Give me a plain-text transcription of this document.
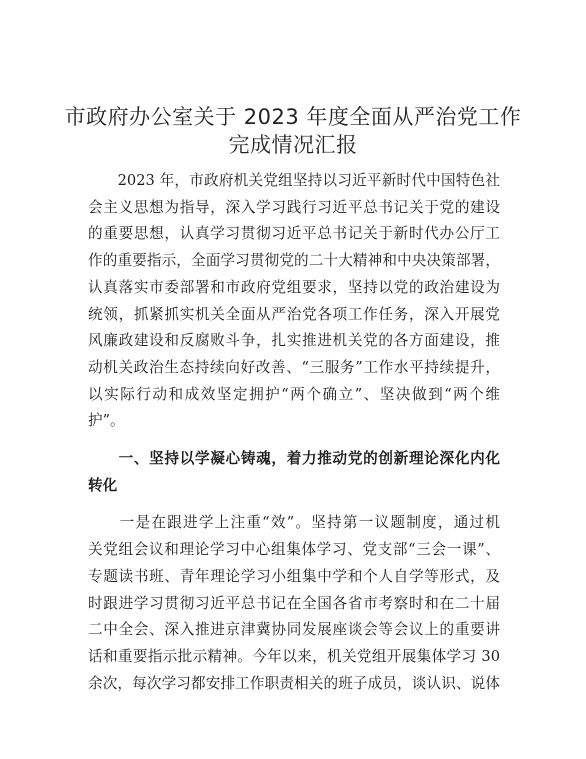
市政府办公室关于 2023 年度全面从严治党工作
完成情况汇报
　　2023 年，市政府机关党组坚持以习近平新时代中国特色社
会主义思想为指导，深入学习践行习近平总书记关于党的建设
的重要思想，认真学习贯彻习近平总书记关于新时代办公厅工
作的重要指示，全面学习贯彻党的二十大精神和中央决策部署，
认真落实市委部署和市政府党组要求，坚持以党的政治建设为
统领，抓紧抓实机关全面从严治党各项工作任务，深入开展党
风廉政建设和反腐败斗争，扎实推进机关党的各方面建设，推
动机关政治生态持续向好改善、“三服务”工作水平持续提升，
以实际行动和成效坚定拥护“两个确立”、坚决做到“两个维
护”。
　　一、坚持以学凝心铸魂，着力推动党的创新理论深化内化
转化
　　一是在跟进学上注重“效”。坚持第一议题制度，通过机
关党组会议和理论学习中心组集体学习、党支部“三会一课”、
专题读书班、青年理论学习小组集中学和个人自学等形式，及
时跟进学习贯彻习近平总书记在全国各省市考察时和在二十届
二中全会、深入推进京津冀协同发展座谈会等会议上的重要讲
话和重要指示批示精神。今年以来，机关党组开展集体学习 30
余次，每次学习都安排工作职责相关的班子成员，谈认识、说体
